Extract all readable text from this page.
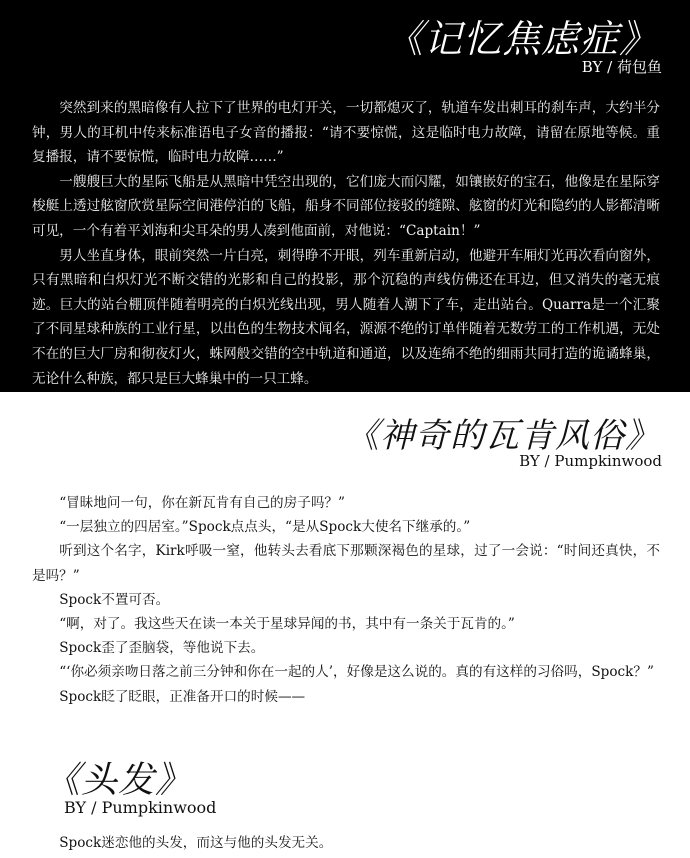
《记忆焦虑症》
BY / 荷包鱼

突然到来的黑暗像有人拉下了世界的电灯开关，一切都熄灭了，轨道车发出刺耳的刹车声，大约半分钟，男人的耳机中传来标准语电子女音的播报：“请不要惊慌，这是临时电力故障，请留在原地等候。重复播报，请不要惊慌，临时电力故障……”

一艘艘巨大的星际飞船是从黑暗中凭空出现的，它们庞大而闪耀，如镶嵌好的宝石，他像是在星际穿梭艇上透过舷窗欣赏星际空间港停泊的飞船，船身不同部位接驳的缝隙、舷窗的灯光和隐约的人影都清晰可见，一个有着平刘海和尖耳朵的男人凑到他面前，对他说：“Captain！”

男人坐直身体，眼前突然一片白亮，刺得睁不开眼，列车重新启动，他避开车厢灯光再次看向窗外，只有黑暗和白炽灯光不断交错的光影和自己的投影，那个沉稳的声线仿佛还在耳边，但又消失的毫无痕迹。巨大的站台棚顶伴随着明亮的白炽光线出现，男人随着人潮下了车，走出站台。Quarra是一个汇聚了不同星球种族的工业行星，以出色的生物技术闻名，源源不绝的订单伴随着无数劳工的工作机遇，无处不在的巨大厂房和彻夜灯火，蛛网般交错的空中轨道和通道，以及连绵不绝的细雨共同打造的诡谲蜂巢，无论什么种族，都只是巨大蜂巢中的一只工蜂。

《神奇的瓦肯风俗》
BY / Pumpkinwood

“冒昧地问一句，你在新瓦肯有自己的房子吗？”

“一层独立的四居室。”Spock点点头，“是从Spock大使名下继承的。”

听到这个名字，Kirk呼吸一窒，他转头去看底下那颗深褐色的星球，过了一会说：“时间还真快，不是吗？”

Spock不置可否。

“啊，对了。我这些天在读一本关于星球异闻的书，其中有一条关于瓦肯的。”

Spock歪了歪脑袋，等他说下去。

“‘你必须亲吻日落之前三分钟和你在一起的人’，好像是这么说的。真的有这样的习俗吗，Spock？”

Spock眨了眨眼，正准备开口的时候——

《头发》
BY / Pumpkinwood

Spock迷恋他的头发，而这与他的头发无关。
